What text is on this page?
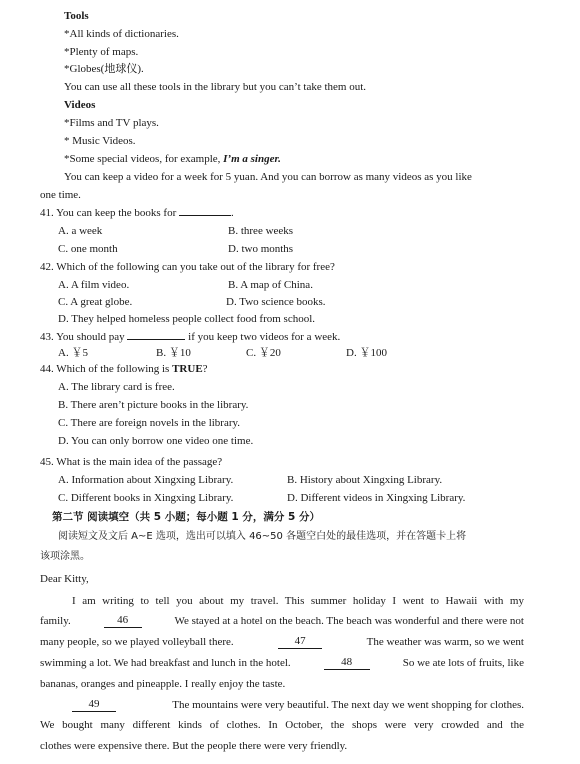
Tools
*All kinds of dictionaries.
*Plenty of maps.
*Globes(地球仪).
You can use all these tools in the library but you can’t take them out.
Videos
*Films and TV plays.
* Music Videos.
*Some special videos, for example, I’m a singer.
You can keep a video for a week for 5 yuan. And you can borrow as many videos as you like
one time.
41. You can keep the books for	.
A. a week	B. three weeks
C. one month	D. two months
42. Which of the following can you take out of the library for free?
A. A film video.	B. A map of China.
C. A great globe.	D. Two science books.
D. They helped homeless people collect food from school.
43. You should pay	if you keep two videos for a week.
A. ￥5	B. ￥10	C. ￥20	D. ￥100
44. Which of the following is TRUE?
A. The library card is free.
B. There aren’t picture books in the library.
C. There are foreign novels in the library.
D. You can only borrow one video one time.
45. What is the main idea of the passage?
A. Information about Xingxing Library.	B. History about Xingxing Library.
C. Different books in Xingxing Library.	D. Different videos in Xingxing Library.
第二节 阅读填空（共 5 小题；每小题 1 分，满分 5 分）
阅读短文及文后 A~E 选项，选出可以填入 46~50 各题空白处的最佳选项，并在答题卡上将
该项涂黑。
Dear Kitty,
I am writing to tell you about my travel. This summer holiday I went to Hawaii with my
family.	46	We stayed at a hotel on the beach. The beach was wonderful and there were not
many people, so we played volleyball there.	47	The weather was warm, so we went
swimming a lot. We had breakfast and lunch in the hotel.	48	So we ate lots of fruits, like
bananas, oranges and pineapple. I really enjoy the taste.
49	The mountains were very beautiful. The next day we went shopping for clothes.
We bought many different kinds of clothes. In October, the shops were very crowded and the
clothes were expensive there. But the people there were very friendly.
